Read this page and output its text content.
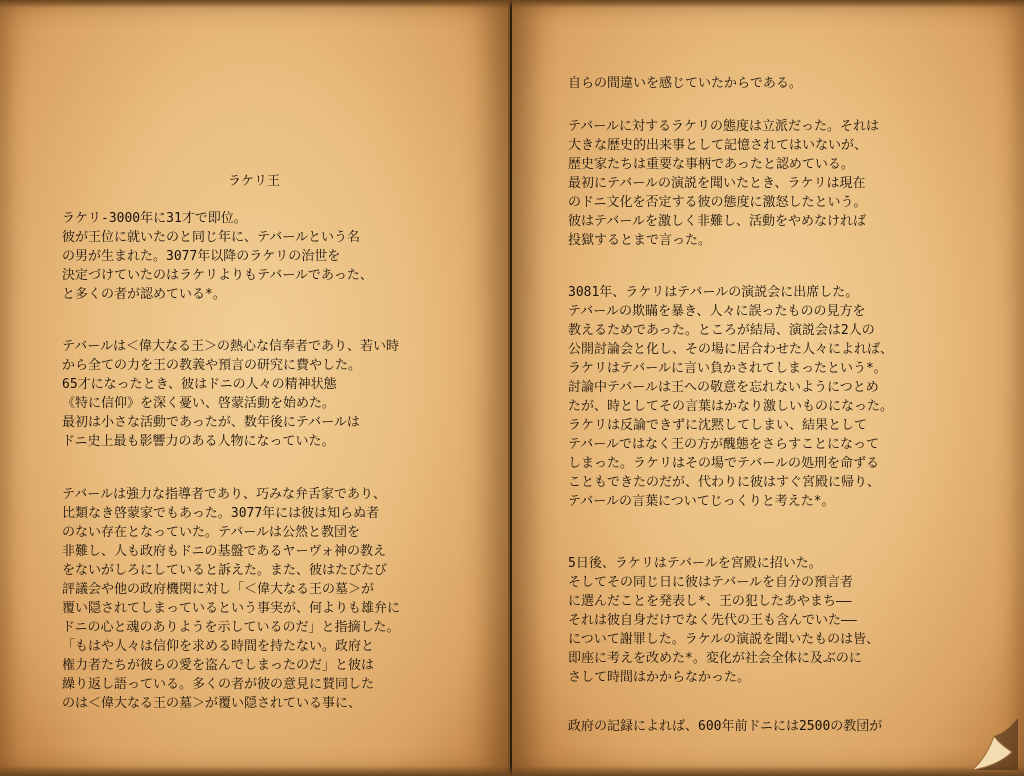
ラケリ王

ラケリ-3000年に31才で即位。
彼が王位に就いたのと同じ年に、テバールという名
の男が生まれた。3077年以降のラケリの治世を
決定づけていたのはラケリよりもテバールであった、
と多くの者が認めている*。

テバールは＜偉大なる王＞の熱心な信奉者であり、若い時
から全ての力を王の教義や預言の研究に費やした。
65才になったとき、彼はドニの人々の精神状態
《特に信仰》を深く憂い、啓蒙活動を始めた。
最初は小さな活動であったが、数年後にテバールは
ドニ史上最も影響力のある人物になっていた。

テバールは強力な指導者であり、巧みな弁舌家であり、
比類なき啓蒙家でもあった。3077年には彼は知らぬ者
のない存在となっていた。テバールは公然と教団を
非難し、人も政府もドニの基盤であるヤーヴォ神の教え
をないがしろにしていると訴えた。また、彼はたびたび
評議会や他の政府機関に対し「＜偉大なる王の墓＞が
覆い隠されてしまっているという事実が、何よりも雄弁に
ドニの心と魂のありようを示しているのだ」と指摘した。
「もはや人々は信仰を求める時間を持たない。政府と
権力者たちが彼らの愛を盗んでしまったのだ」と彼は
繰り返し語っている。多くの者が彼の意見に賛同した
のは＜偉大なる王の墓＞が覆い隠されている事に、

自らの間違いを感じていたからである。

テバールに対するラケリの態度は立派だった。それは
大きな歴史的出来事として記憶されてはいないが、
歴史家たちは重要な事柄であったと認めている。
最初にテバールの演説を聞いたとき、ラケリは現在
のドニ文化を否定する彼の態度に激怒したという。
彼はテバールを激しく非難し、活動をやめなければ
投獄するとまで言った。

3081年、ラケリはテバールの演説会に出席した。
テバールの欺瞞を暴き、人々に誤ったものの見方を
教えるためであった。ところが結局、演説会は2人の
公開討論会と化し、その場に居合わせた人々によれば、
ラケリはテバールに言い負かされてしまったという*。
討論中テバールは王への敬意を忘れないようにつとめ
たが、時としてその言葉はかなり激しいものになった。
ラケリは反論できずに沈黙してしまい、結果として
テバールではなく王の方が醜態をさらすことになって
しまった。ラケリはその場でテバールの処刑を命ずる
こともできたのだが、代わりに彼はすぐ宮殿に帰り、
テバールの言葉についてじっくりと考えた*。

5日後、ラケリはテバールを宮殿に招いた。
そしてその同じ日に彼はテバールを自分の預言者
に選んだことを発表し*、王の犯したあやまち――
それは彼自身だけでなく先代の王も含んでいた――
について謝罪した。ラケルの演説を聞いたものは皆、
即座に考えを改めた*。変化が社会全体に及ぶのに
さして時間はかからなかった。

政府の記録によれば、600年前ドニには2500の教団が
